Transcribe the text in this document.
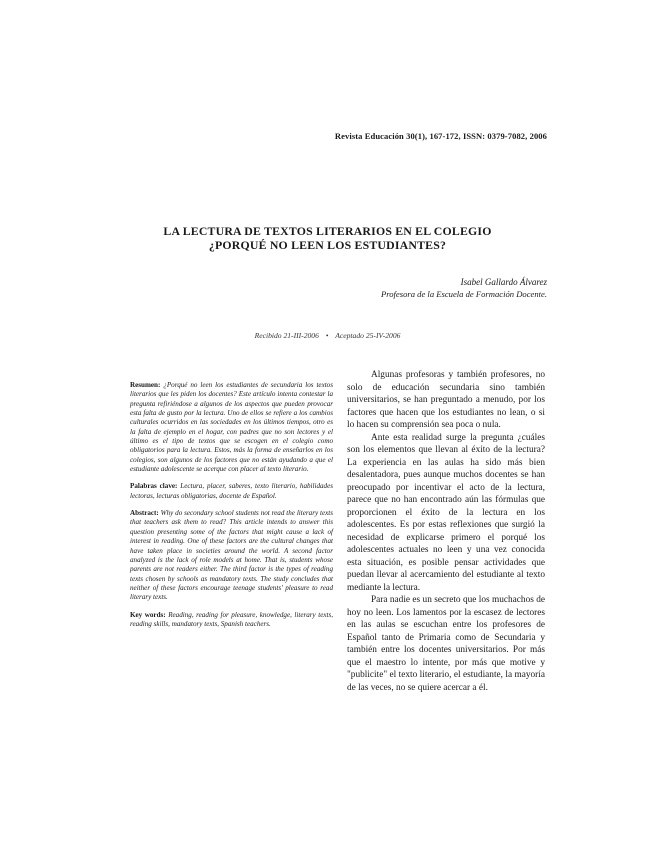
Revista Educación 30(1), 167-172, ISSN: 0379-7082, 2006
LA LECTURA DE TEXTOS LITERARIOS EN EL COLEGIO
¿PORQUÉ NO LEEN LOS ESTUDIANTES?
Isabel Gallardo Álvarez
Profesora de la Escuela de Formación Docente.
Recibido 21-III-2006 • Aceptado 25-IV-2006

Resumen: ¿Porqué no leen los estudiantes de secundaria los textos literarios que les piden los docentes? Este artículo intenta contestar la pregunta refiriéndose a algunos de los aspectos que pueden provocar esta falta de gusto por la lectura. Uno de ellos se refiere a los cambios culturales ocurridos en las sociedades en los últimos tiempos, otro es la falta de ejemplo en el hogar, con padres que no son lectores y el último es el tipo de textos que se escogen en el colegio como obligatorios para la lectura. Estos, más la forma de enseñarlos en los colegios, son algunos de los factores que no están ayudando a que el estudiante adolescente se acerque con placer al texto literario.

Palabras clave: Lectura, placer, saberes, texto literario, habilidades lectoras, lecturas obligatorias, docente de Español.

Abstract: Why do secondary school students not read the literary texts that teachers ask them to read? This article intends to answer this question presenting some of the factors that might cause a lack of interest in reading. One of these factors are the cultural changes that have taken place in societies around the world. A second factor analyzed is the lack of role models at home. That is, students whose parents are not readers either. The third factor is the types of reading texts chosen by schools as mandatory texts. The study concludes that neither of these factors encourage teenage students' pleasure to read literary texts.

Key words: Reading, reading for pleasure, knowledge, literary texts, reading skills, mandatory texts, Spanish teachers.

Algunas profesoras y también profesores, no solo de educación secundaria sino también universitarios, se han preguntado a menudo, por los factores que hacen que los estudiantes no lean, o si lo hacen su comprensión sea poca o nula.

Ante esta realidad surge la pregunta ¿cuáles son los elementos que llevan al éxito de la lectura? La experiencia en las aulas ha sido más bien desalentadora, pues aunque muchos docentes se han preocupado por incentivar el acto de la lectura, parece que no han encontrado aún las fórmulas que proporcionen el éxito de la lectura en los adolescentes. Es por estas reflexiones que surgió la necesidad de explicarse primero el porqué los adolescentes actuales no leen y una vez conocida esta situación, es posible pensar actividades que puedan llevar al acercamiento del estudiante al texto mediante la lectura.

Para nadie es un secreto que los muchachos de hoy no leen. Los lamentos por la escasez de lectores en las aulas se escuchan entre los profesores de Español tanto de Primaria como de Secundaria y también entre los docentes universitarios. Por más que el maestro lo intente, por más que motive y "publicite" el texto literario, el estudiante, la mayoría de las veces, no se quiere acercar a él.
